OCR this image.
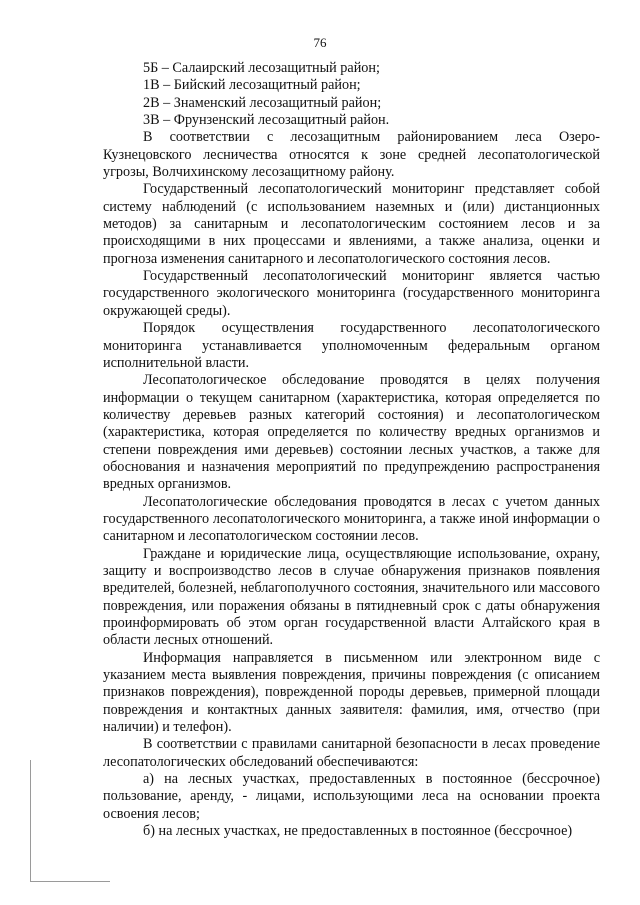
76

5Б – Салаирский лесозащитный район;

1В – Бийский лесозащитный район;

2В – Знаменский лесозащитный район;

3В – Фрунзенский лесозащитный район.

В соответствии с лесозащитным районированием леса Озеро-Кузнецовского лесничества относятся к зоне средней лесопатологической угрозы, Волчихинскому лесозащитному району.

Государственный лесопатологический мониторинг представляет собой систему наблюдений (с использованием наземных и (или) дистанционных методов) за санитарным и лесопатологическим состоянием лесов и за происходящими в них процессами и явлениями, а также анализа, оценки и прогноза изменения санитарного и лесопатологического состояния лесов.

Государственный лесопатологический мониторинг является частью государственного экологического мониторинга (государственного мониторинга окружающей среды).

Порядок осуществления государственного лесопатологического мониторинга устанавливается уполномоченным федеральным органом исполнительной власти.

Лесопатологическое обследование проводятся в целях получения информации о текущем санитарном (характеристика, которая определяется по количеству деревьев разных категорий состояния) и лесопатологическом (характеристика, которая определяется по количеству вредных организмов и степени повреждения ими деревьев) состоянии лесных участков, а также для обоснования и назначения мероприятий по предупреждению распространения вредных организмов.

Лесопатологические обследования проводятся в лесах с учетом данных государственного лесопатологического мониторинга, а также иной информации о санитарном и лесопатологическом состоянии лесов.

Граждане и юридические лица, осуществляющие использование, охрану, защиту и воспроизводство лесов в случае обнаружения признаков появления вредителей, болезней, неблагополучного состояния, значительного или массового повреждения, или поражения обязаны в пятидневный срок с даты обнаружения проинформировать об этом орган государственной власти Алтайского края в области лесных отношений.

Информация направляется в письменном или электронном виде с указанием места выявления повреждения, причины повреждения (с описанием признаков повреждения), поврежденной породы деревьев, примерной площади повреждения и контактных данных заявителя: фамилия, имя, отчество (при наличии) и телефон).

В соответствии с правилами санитарной безопасности в лесах проведение лесопатологических обследований обеспечиваются:

а) на лесных участках, предоставленных в постоянное (бессрочное) пользование, аренду, - лицами, использующими леса на основании проекта освоения лесов;

б) на лесных участках, не предоставленных в постоянное (бессрочное)
